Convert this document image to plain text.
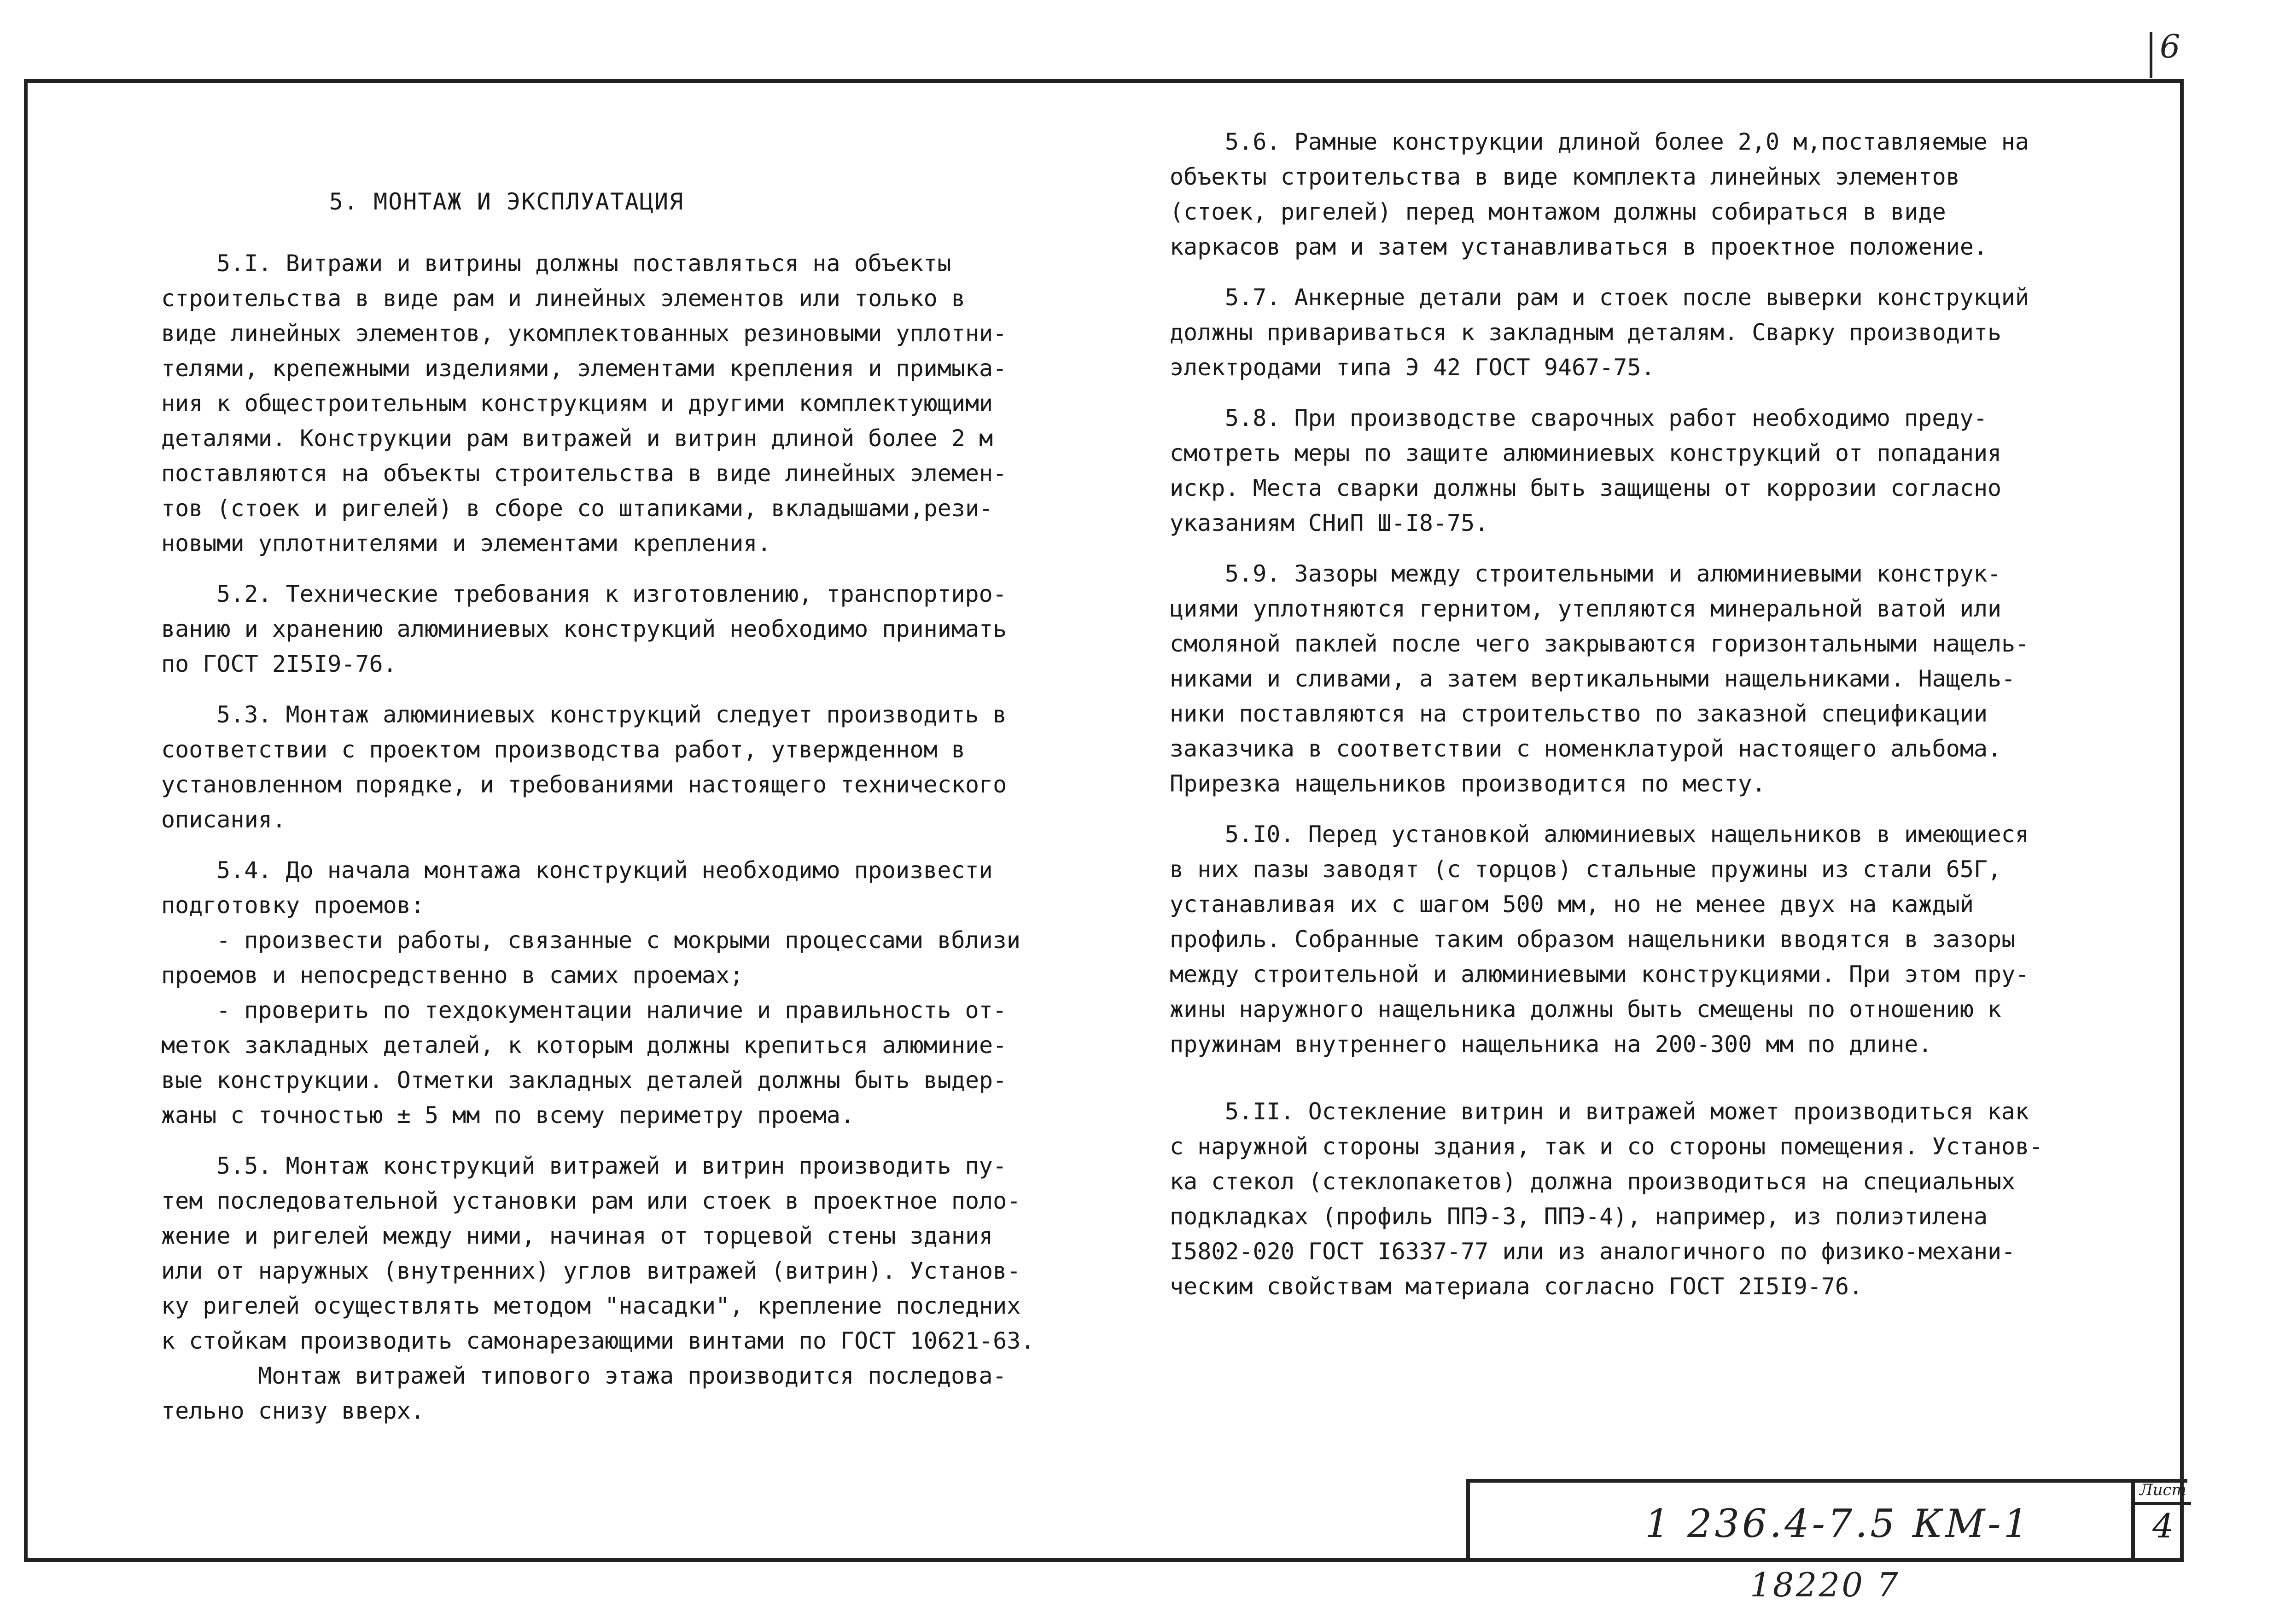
6
5. МОНТАЖ И ЭКСПЛУАТАЦИЯ
5.I. Витражи и витрины должны поставляться на объекты
строительства в виде рам и линейных элементов или только в
виде линейных элементов, укомплектованных резиновыми уплотни-
телями, крепежными изделиями, элементами крепления и примыка-
ния к общестроительным конструкциям и другими комплектующими
деталями. Конструкции рам витражей и витрин длиной более 2 м
поставляются на объекты строительства в виде линейных элемен-
тов (стоек и ригелей) в сборе со штапиками, вкладышами,рези-
новыми уплотнителями и элементами крепления.
5.2. Технические требования к изготовлению, транспортиро-
ванию и хранению алюминиевых конструкций необходимо принимать
по ГОСТ 2I5I9-76.
5.3. Монтаж алюминиевых конструкций следует производить в
соответствии с проектом производства работ, утвержденном в
установленном порядке, и требованиями настоящего технического
описания.
5.4. До начала монтажа конструкций необходимо произвести
подготовку проемов:
- произвести работы, связанные с мокрыми процессами вблизи
проемов и непосредственно в самих проемах;
- проверить по техдокументации наличие и правильность от-
меток закладных деталей, к которым должны крепиться алюминие-
вые конструкции. Отметки закладных деталей должны быть выдер-
жаны с точностью ± 5 мм по всему периметру проема.
5.5. Монтаж конструкций витражей и витрин производить пу-
тем последовательной установки рам или стоек в проектное поло-
жение и ригелей между ними, начиная от торцевой стены здания
или от наружных (внутренних) углов витражей (витрин). Установ-
ку ригелей осуществлять методом "насадки", крепление последних
к стойкам производить самонарезающими винтами по ГОСТ 10621-63.
Монтаж витражей типового этажа производится последова-
тельно снизу вверх.
5.6. Рамные конструкции длиной более 2,0 м,поставляемые на
объекты строительства в виде комплекта линейных элементов
(стоек, ригелей) перед монтажом должны собираться в виде
каркасов рам и затем устанавливаться в проектное положение.
5.7. Анкерные детали рам и стоек после выверки конструкций
должны привариваться к закладным деталям. Сварку производить
электродами типа Э 42 ГОСТ 9467-75.
5.8. При производстве сварочных работ необходимо преду-
смотреть меры по защите алюминиевых конструкций от попадания
искр. Места сварки должны быть защищены от коррозии согласно
указаниям СНиП Ш-I8-75.
5.9. Зазоры между строительными и алюминиевыми конструк-
циями уплотняются гернитом, утепляются минеральной ватой или
смоляной паклей после чего закрываются горизонтальными нащель-
никами и сливами, а затем вертикальными нащельниками. Нащель-
ники поставляются на строительство по заказной спецификации
заказчика в соответствии с номенклатурой настоящего альбома.
Прирезка нащельников производится по месту.
5.I0. Перед установкой алюминиевых нащельников в имеющиеся
в них пазы заводят (с торцов) стальные пружины из стали 65Г,
устанавливая их с шагом 500 мм, но не менее двух на каждый
профиль. Собранные таким образом нащельники вводятся в зазоры
между строительной и алюминиевыми конструкциями. При этом пру-
жины наружного нащельника должны быть смещены по отношению к
пружинам внутреннего нащельника на 200-300 мм по длине.
5.II. Остекление витрин и витражей может производиться как
с наружной стороны здания, так и со стороны помещения. Установ-
ка стекол (стеклопакетов) должна производиться на специальных
подкладках (профиль ППЭ-3, ППЭ-4), например, из полиэтилена
I5802-020 ГОСТ I6337-77 или из аналогичного по физико-механи-
ческим свойствам материала согласно ГОСТ 2I5I9-76.
1 236.4-7.5 КМ-1
Лист
4
18220 7
